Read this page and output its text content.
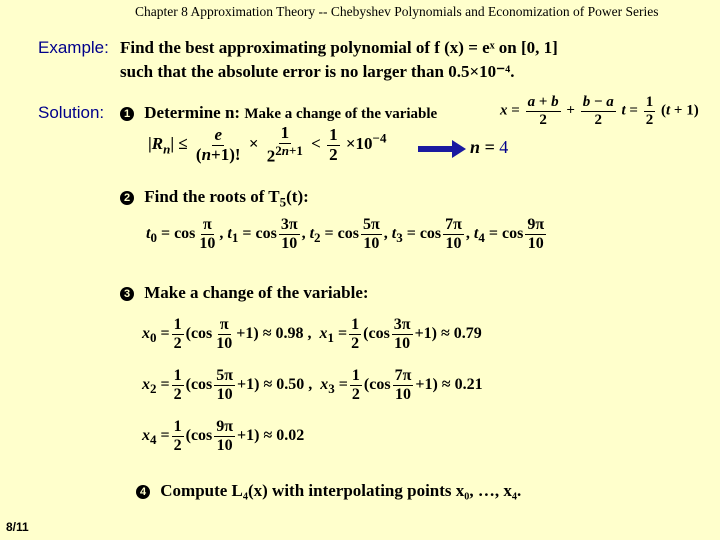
Chapter 8 Approximation Theory -- Chebyshev Polynomials and Economization of Power Series
Example: Find the best approximating polynomial of f (x) = eˣ on [0, 1]
such that the absolute error is no larger than 0.5×10⁻⁴.
Solution:	1 Determine n: Make a change of the variable	$x = \frac{a + b}{2} + \frac{b - a}{2}$ $t = \frac{1}{2} (t + 1)$
$|R_n| \le \frac{e}{(n+1)!} \times \frac{1}{2^{2n+1}} < \frac{1}{2} \times 10^{-4}$	n = 4
2 Find the roots of $T_5(t)$:
$t_0 = \cos \frac{\pi}{10}$ , $t_1 = \cos \frac{3\pi}{10}$ , $t_2 = \cos \frac{5\pi}{10}$ , $t_3 = \cos \frac{7\pi}{10}$ , $t_4 = \cos \frac{9\pi}{10}$
3 Make a change of the variable:
$x_0 = \frac{1}{2} (\cos \frac{\pi}{10} +1) \approx 0.98$ ,  $x_1 = \frac{1}{2} (\cos \frac{3\pi}{10} +1) \approx 0.79$
$x_2 = \frac{1}{2} (\cos \frac{5\pi}{10} +1) \approx 0.50$ ,  $x_3 = \frac{1}{2} (\cos \frac{7\pi}{10} +1) \approx 0.21$
$x_4 = \frac{1}{2} (\cos \frac{9\pi}{10} +1) \approx 0.02$
4 Compute L₄(x) with interpolating points x₀, …, x₄.
8/11
